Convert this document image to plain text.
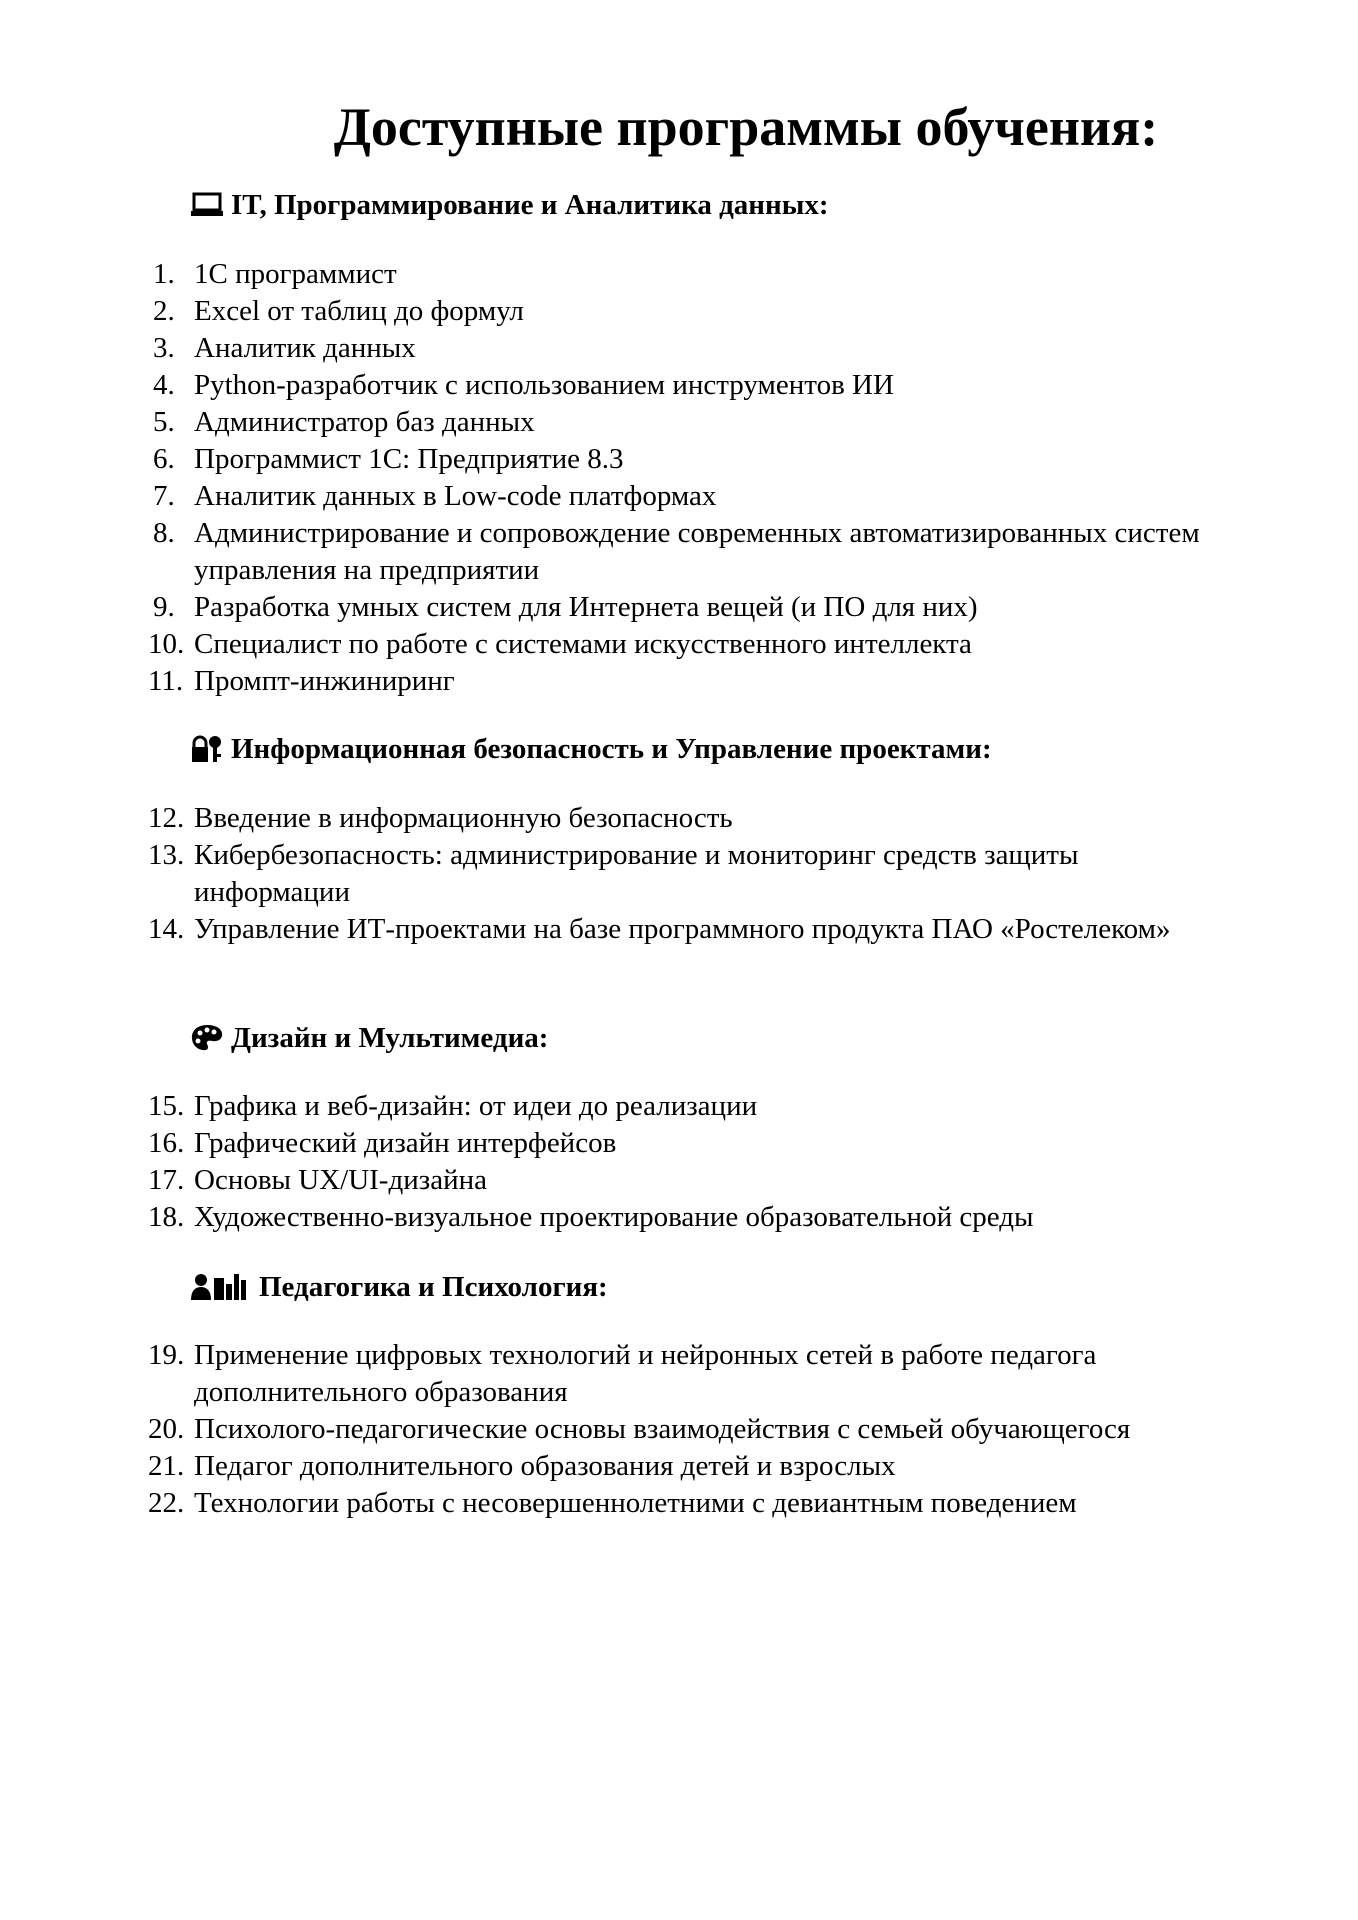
Доступные программы обучения:
IT, Программирование и Аналитика данных:
1. 1С программист
2. Excel от таблиц до формул
3. Аналитик данных
4. Python-разработчик с использованием инструментов ИИ
5. Администратор баз данных
6. Программист 1С: Предприятие 8.3
7. Аналитик данных в Low-code платформах
8. Администрирование и сопровождение современных автоматизированных систем управления на предприятии
9. Разработка умных систем для Интернета вещей (и ПО для них)
10. Специалист по работе с системами искусственного интеллекта
11. Промпт-инжиниринг
Информационная безопасность и Управление проектами:
12. Введение в информационную безопасность
13. Кибербезопасность: администрирование и мониторинг средств защиты информации
14. Управление ИТ-проектами на базе программного продукта ПАО «Ростелеком»
Дизайн и Мультимедиа:
15. Графика и веб-дизайн: от идеи до реализации
16. Графический дизайн интерфейсов
17. Основы UX/UI-дизайна
18. Художественно-визуальное проектирование образовательной среды
Педагогика и Психология:
19. Применение цифровых технологий и нейронных сетей в работе педагога дополнительного образования
20. Психолого-педагогические основы взаимодействия с семьей обучающегося
21. Педагог дополнительного образования детей и взрослых
22. Технологии работы с несовершеннолетними с девиантным поведением
